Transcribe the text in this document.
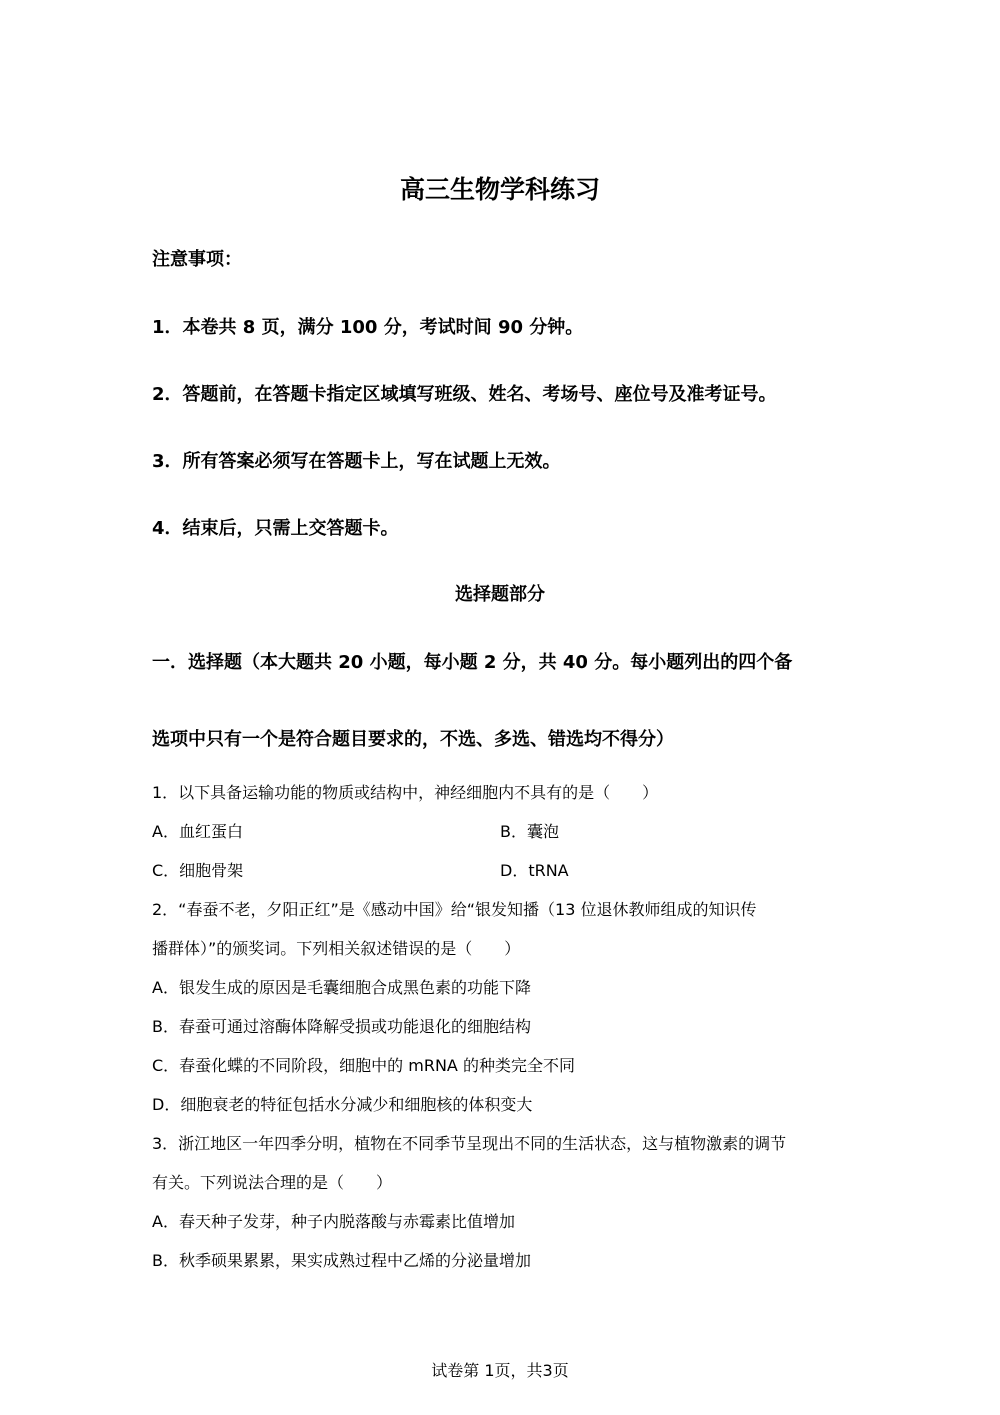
高三生物学科练习
注意事项：
1．本卷共 8 页，满分 100 分，考试时间 90 分钟。
2．答题前，在答题卡指定区域填写班级、姓名、考场号、座位号及准考证号。
3．所有答案必须写在答题卡上，写在试题上无效。
4．结束后，只需上交答题卡。
选择题部分
一．选择题（本大题共 20 小题，每小题 2 分，共 40 分。每小题列出的四个备
选项中只有一个是符合题目要求的，不选、多选、错选均不得分）
1．以下具备运输功能的物质或结构中，神经细胞内不具有的是（　　）
A．血红蛋白	B．囊泡
C．细胞骨架	D．tRNA
2．“春蚕不老，夕阳正红”是《感动中国》给“银发知播（13 位退休教师组成的知识传
播群体）”的颁奖词。下列相关叙述错误的是（　　）
A．银发生成的原因是毛囊细胞合成黑色素的功能下降
B．春蚕可通过溶酶体降解受损或功能退化的细胞结构
C．春蚕化蝶的不同阶段，细胞中的 mRNA 的种类完全不同
D．细胞衰老的特征包括水分减少和细胞核的体积变大
3．浙江地区一年四季分明，植物在不同季节呈现出不同的生活状态，这与植物激素的调节
有关。下列说法合理的是（　　）
A．春天种子发芽，种子内脱落酸与赤霉素比值增加
B．秋季硕果累累，果实成熟过程中乙烯的分泌量增加
试卷第 1页，共3页
